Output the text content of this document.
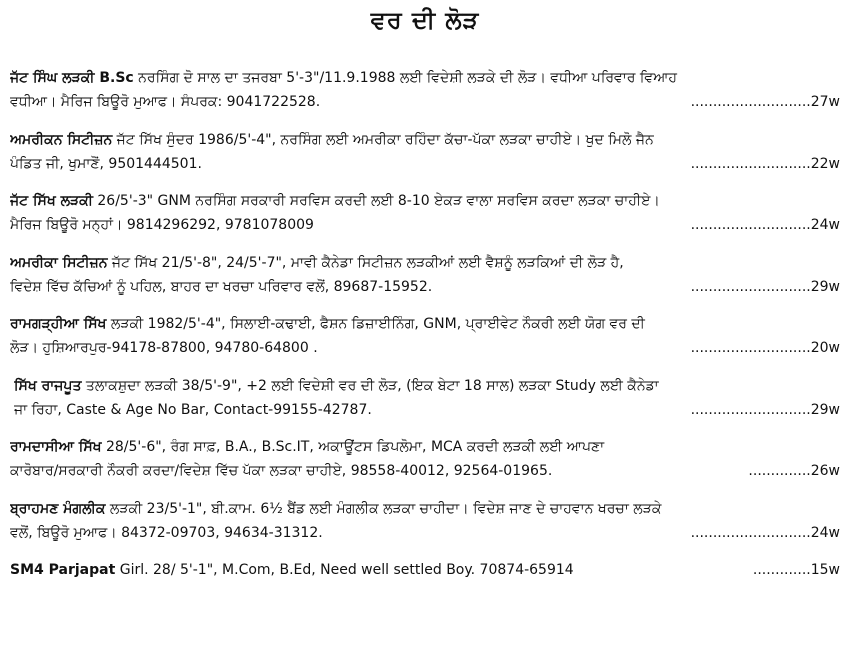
ਵਰ ਦੀ ਲੋੜ
ਜੱਟ ਸਿੰਘ ਲੜਕੀ B.Sc ਨਰਸਿੰਗ ਦੋ ਸਾਲ ਦਾ ਤਜਰਬਾ 5'-3"/11.9.1988 ਲਈ ਵਿਦੇਸ਼ੀ ਲੜਕੇ ਦੀ ਲੋੜ। ਵਧੀਆ ਪਰਿਵਾਰ ਵਿਆਹ
ਵਧੀਆ। ਮੈਰਿਜ ਬਿਊਰੋ ਮੁਆਫ। ਸੰਪਰਕ: 9041722528.	...........................27w
ਅਮਰੀਕਨ ਸਿਟੀਜ਼ਨ ਜੱਟ ਸਿੱਖ ਸੁੰਦਰ 1986/5'-4", ਨਰਸਿੰਗ ਲਈ ਅਮਰੀਕਾ ਰਹਿੰਦਾ ਕੱਚਾ-ਪੱਕਾ ਲੜਕਾ ਚਾਹੀਏ। ਖੁਦ ਮਿਲੋ ਜੈਨ
ਪੰਡਿਤ ਜੀ, ਖੁਮਾਣੋਂ, 9501444501.	...........................22w
ਜੱਟ ਸਿੱਖ ਲੜਕੀ 26/5'-3" GNM ਨਰਸਿੰਗ ਸਰਕਾਰੀ ਸਰਵਿਸ ਕਰਦੀ ਲਈ 8-10 ਏਕੜ ਵਾਲਾ ਸਰਵਿਸ ਕਰਦਾ ਲੜਕਾ ਚਾਹੀਏ।
ਮੈਰਿਜ ਬਿਊਰੋ ਮਨ੍ਹਾਂ। 9814296292, 9781078009	...........................24w
ਅਮਰੀਕਾ ਸਿਟੀਜ਼ਨ ਜੱਟ ਸਿੱਖ 21/5'-8", 24/5'-7", ਮਾਵੀ ਕੈਨੇਡਾ ਸਿਟੀਜ਼ਨ ਲੜਕੀਆਂ ਲਈ ਵੈਸ਼ਨੂੰ ਲੜਕਿਆਂ ਦੀ ਲੋੜ ਹੈ,
ਵਿਦੇਸ਼ ਵਿੱਚ ਕੱਚਿਆਂ ਨੂੰ ਪਹਿਲ, ਬਾਹਰ ਦਾ ਖਰਚਾ ਪਰਿਵਾਰ ਵਲੋਂ, 89687-15952.	...........................29w
ਰਾਮਗੜ੍ਹੀਆ ਸਿੱਖ ਲੜਕੀ 1982/5'-4", ਸਿਲਾਈ-ਕਢਾਈ, ਫੈਸ਼ਨ ਡਿਜ਼ਾਈਨਿੰਗ, GNM, ਪ੍ਰਾਈਵੇਟ ਨੌਕਰੀ ਲਈ ਯੋਗ ਵਰ ਦੀ
ਲੋੜ। ਹੁਸ਼ਿਆਰਪੁਰ-94178-87800, 94780-64800 .	...........................20w
ਸਿੱਖ ਰਾਜਪੂਤ ਤਲਾਕਸ਼ੁਦਾ ਲੜਕੀ 38/5'-9", +2 ਲਈ ਵਿਦੇਸ਼ੀ ਵਰ ਦੀ ਲੋੜ, (ਇਕ ਬੇਟਾ 18 ਸਾਲ) ਲੜਕਾ Study ਲਈ ਕੈਨੇਡਾ
ਜਾ ਰਿਹਾ, Caste & Age No Bar, Contact-99155-42787.	...........................29w
ਰਾਮਦਾਸੀਆ ਸਿੱਖ 28/5'-6", ਰੰਗ ਸਾਫ਼, B.A., B.Sc.IT, ਅਕਾਊਂਟਸ ਡਿਪਲੋਮਾ, MCA ਕਰਦੀ ਲੜਕੀ ਲਈ ਆਪਣਾ
ਕਾਰੋਬਾਰ/ਸਰਕਾਰੀ ਨੌਕਰੀ ਕਰਦਾ/ਵਿਦੇਸ਼ ਵਿੱਚ ਪੱਕਾ ਲੜਕਾ ਚਾਹੀਏ, 98558-40012, 92564-01965.	..............26w
ਬ੍ਰਾਹਮਣ ਮੰਗਲੀਕ ਲੜਕੀ 23/5'-1", ਬੀ.ਕਾਮ. 6½ ਬੈਂਡ ਲਈ ਮੰਗਲੀਕ ਲੜਕਾ ਚਾਹੀਦਾ। ਵਿਦੇਸ਼ ਜਾਣ ਦੇ ਚਾਹਵਾਨ ਖਰਚਾ ਲੜਕੇ
ਵਲੋਂ, ਬਿਊਰੋ ਮੁਆਫ। 84372-09703, 94634-31312.	...........................24w
SM4 Parjapat Girl. 28/ 5'-1", M.Com, B.Ed, Need well settled Boy. 70874-65914	.............15w
